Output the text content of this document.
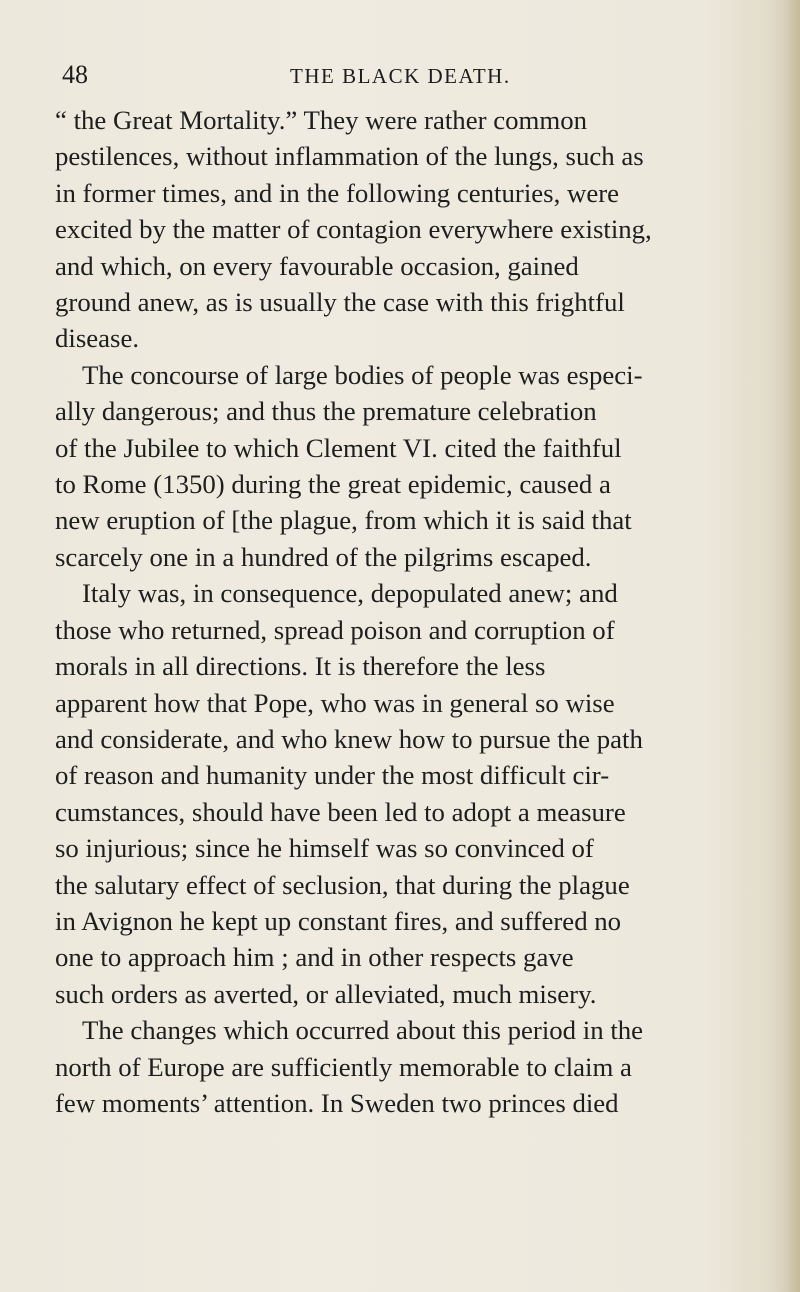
48	THE BLACK DEATH.
“ the Great Mortality.” They were rather common
pestilences, without inflammation of the lungs, such as
in former times, and in the following centuries, were
excited by the matter of contagion everywhere existing,
and which, on every favourable occasion, gained
ground anew, as is usually the case with this frightful
disease.
The concourse of large bodies of people was especi-
ally dangerous; and thus the premature celebration
of the Jubilee to which Clement VI. cited the faithful
to Rome (1350) during the great epidemic, caused a
new eruption of [the plague, from which it is said that
scarcely one in a hundred of the pilgrims escaped.
Italy was, in consequence, depopulated anew; and
those who returned, spread poison and corruption of
morals in all directions. It is therefore the less
apparent how that Pope, who was in general so wise
and considerate, and who knew how to pursue the path
of reason and humanity under the most difficult cir-
cumstances, should have been led to adopt a measure
so injurious; since he himself was so convinced of
the salutary effect of seclusion, that during the plague
in Avignon he kept up constant fires, and suffered no
one to approach him ; and in other respects gave
such orders as averted, or alleviated, much misery.
The changes which occurred about this period in the
north of Europe are sufficiently memorable to claim a
few moments’ attention. In Sweden two princes died
